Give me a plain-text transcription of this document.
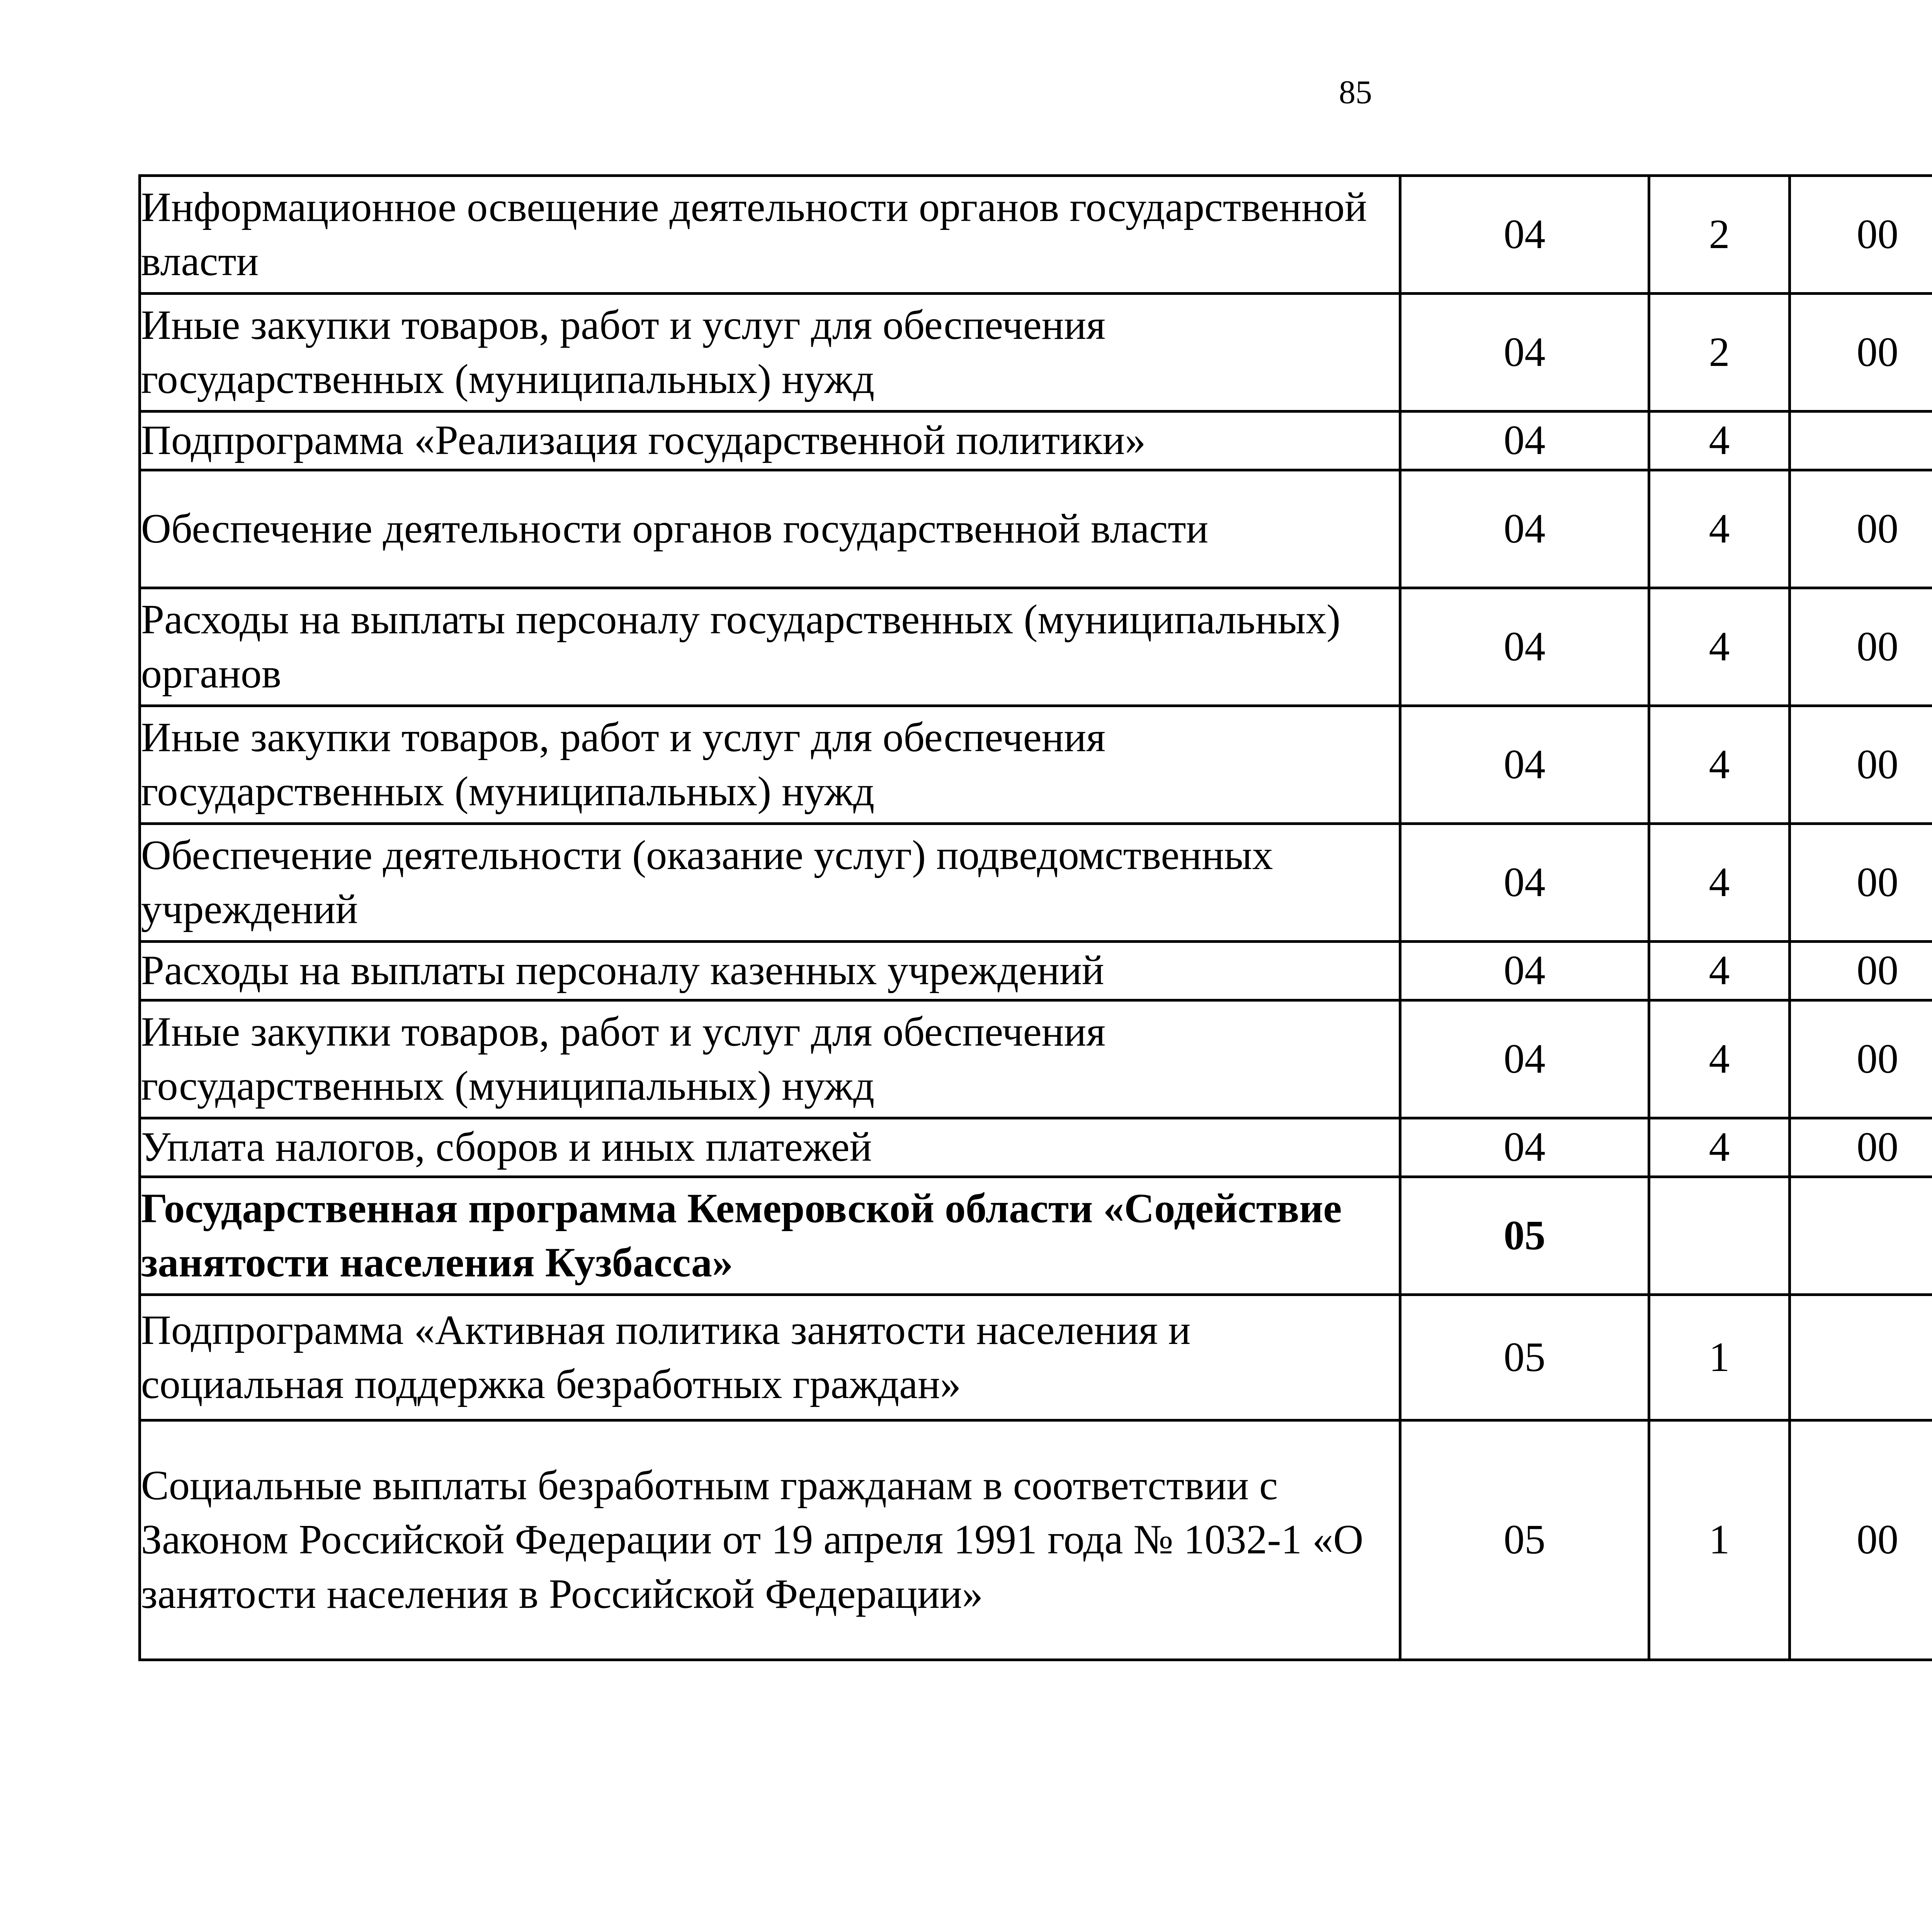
85
Информационное освещение деятельности органов государственной власти	04	2	00			
Иные закупки товаров, работ и услуг для обеспечения государственных (муниципальных) нужд	04	2	00			
Подпрограмма «Реализация государственной политики»	04	4				
Обеспечение деятельности органов государственной власти	04	4	00			
Расходы на выплаты персоналу государственных (муниципальных) органов	04	4	00			
Иные закупки товаров, работ и услуг для обеспечения государственных (муниципальных) нужд	04	4	00			
Обеспечение деятельности (оказание услуг) подведомственных учреждений	04	4	00			
Расходы на выплаты персоналу казенных учреждений	04	4	00			
Иные закупки товаров, работ и услуг для обеспечения государственных (муниципальных) нужд	04	4	00			
Уплата налогов, сборов и иных платежей	04	4	00			
Государственная программа Кемеровской области «Содействие занятости населения Кузбасса»	05					
Подпрограмма «Активная политика занятости населения и социальная поддержка безработных граждан»	05	1				
Социальные выплаты безработным гражданам в соответствии с Законом Российской Федерации от 19 апреля 1991 года № 1032-1 «О занятости населения в Российской Федерации»	05	1	00			
